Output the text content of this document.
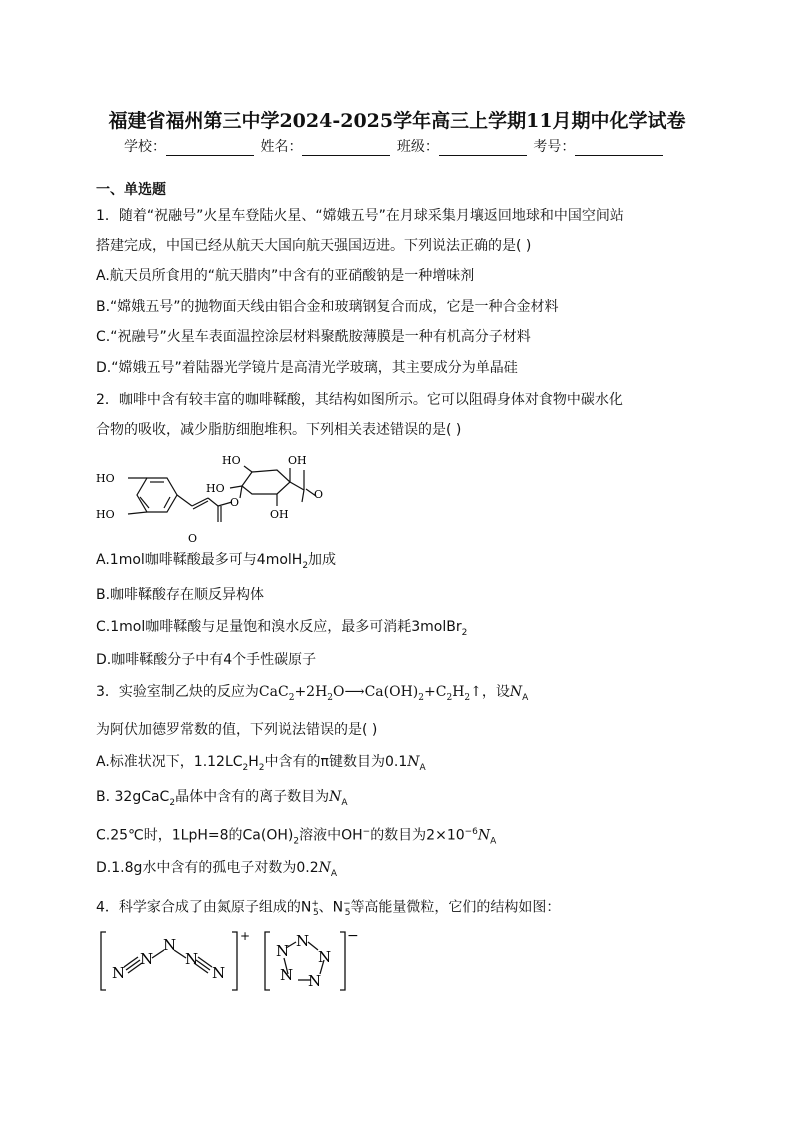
福建省福州第三中学2024-2025学年高三上学期11月期中化学试卷
学校：	姓名：	班级：	考号：
一、单选题
1．随着“祝融号”火星车登陆火星、“嫦娥五号”在月球采集月壤返回地球和中国空间站
搭建完成，中国已经从航天大国向航天强国迈进。下列说法正确的是( )
A.航天员所食用的“航天腊肉”中含有的亚硝酸钠是一种增味剂
B.“嫦娥五号”的抛物面天线由铝合金和玻璃钢复合而成，它是一种合金材料
C.“祝融号”火星车表面温控涂层材料聚酰胺薄膜是一种有机高分子材料
D.“嫦娥五号”着陆器光学镜片是高清光学玻璃，其主要成分为单晶硅
2．咖啡中含有较丰富的咖啡鞣酸，其结构如图所示。它可以阻碍身体对食物中碳水化
合物的吸收，减少脂肪细胞堆积。下列相关表述错误的是( )
HO
HO
O
O
HO
HO
OH
OH
O
A.1mol咖啡鞣酸最多可与4molH$_2$加成
B.咖啡鞣酸存在顺反异构体
C.1mol咖啡鞣酸与足量饱和溴水反应，最多可消耗3molBr$_2$
D.咖啡鞣酸分子中有4个手性碳原子
3．实验室制乙炔的反应为$CaC_2+2H_2O⟶Ca(OH)_2+C_2H_2↑$，设$N_A$
为阿伏加德罗常数的值，下列说法错误的是( )
A.标准状况下，$1.12LC_2H_2$中含有的π键数目为$0.1N_A$
B. 32gCaC$_2$晶体中含有的离子数目为$N_A$
C.25℃时，1LpH=8的$Ca(OH)_2$溶液中OH−的数目为$2\times 10^{-6}N_A$
D.1.8g水中含有的孤电子对数为$0.2N_A$
4．科学家合成了由氮原子组成的$N^+_5$、$N^-_5$等高能量微粒，它们的结构如图：
N
N
N
N
N
+
N
N
N
N
N
−
